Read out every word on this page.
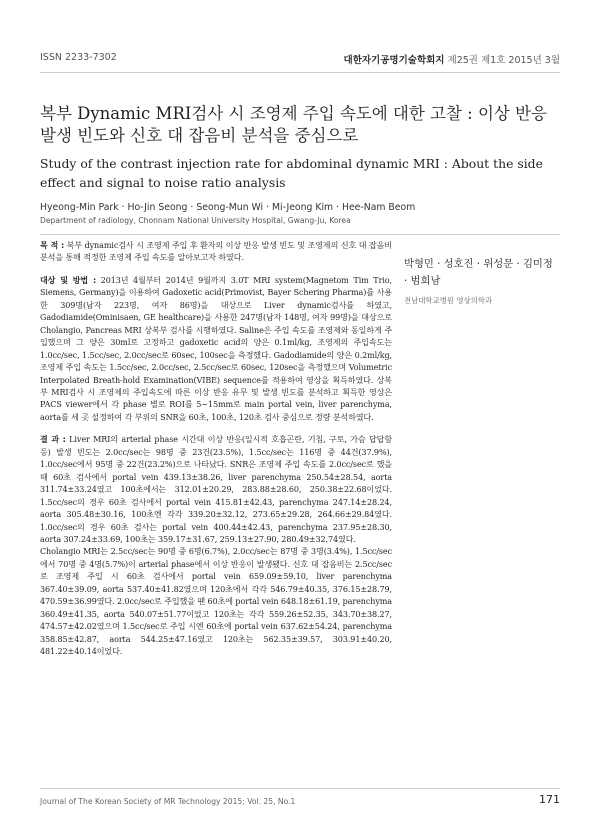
ISSN 2233-7302	대한자기공명기술학회지 제25권 제1호 2015년 3월
복부 Dynamic MRI검사 시 조영제 주입 속도에 대한 고찰 : 이상 반응 발생 빈도와 신호 대 잡음비 분석을 중심으로
Study of the contrast injection rate for abdominal dynamic MRI : About the side effect and signal to noise ratio analysis
Hyeong-Min Park · Ho-Jin Seong · Seong-Mun Wi · Mi-Jeong Kim · Hee-Nam Beom
Department of radiology, Chonnam National University Hospital, Gwang-Ju, Korea

목 적 : 복부 dynamic검사 시 조영제 주입 후 환자의 이상 반응 발생 빈도 및 조영제의 신호 대 잡음비 분석을 통해 적정한 조영제 주입 속도를 알아보고자 하였다.

대상 및 방법 : 2013년 4월부터 2014년 9월까지 3.0T MRI system(Magnetom Tim Trio, Siemens, Germany)을 이용하여 Gadoxetic acid(Primovist, Bayer Schering Pharma)를 사용한 309명(남자 223명, 여자 86명)을 대상으로 Liver dynamic검사를 하였고, Gadodiamide(Ominisaen, GE healthcare)을 사용한 247명(남자 148명, 여자 99명)을 대상으로 Cholangio, Pancreas MRI 상복부 검사를 시행하였다. Saline은 주입 속도를 조영제와 동일하게 주입했으며 그 양은 30ml로 고정하고 gadoxetic acid의 양은 0.1ml/kg, 조영제의 주입속도는 1.0cc/sec, 1.5cc/sec, 2.0cc/sec로 60sec, 100sec을 측정했다. Gadodiamide의 양은 0.2ml/kg, 조영제 주입 속도는 1.5cc/sec, 2.0cc/sec, 2.5cc/sec로 60sec, 120sec을 측정했으며 Volumetric Interpolated Breath-hold Examination(VIBE) sequence를 적용하여 영상을 획득하였다. 상복부 MRI검사 시 조영제의 주입속도에 따른 이상 반응 유무 및 발생 빈도를 분석하고 획득한 영상은 PACS viewer에서 각 phase 별로 ROI를 5~15mm로 main portal vein, liver parenchyma, aorta를 세 곳 설정하여 각 부위의 SNR을 60초, 100초, 120초 검사 중심으로 정량 분석하였다.

결 과 : Liver MRI의 arterial phase 시간대 이상 반응(일시적 호흡곤란, 기침, 구토, 가슴 답답함 등) 발생 빈도는 2.0cc/sec는 98명 중 23건(23.5%), 1.5cc/sec는 116명 중 44건(37.9%), 1.0cc/sec에서 95명 중 22건(23.2%)으로 나타났다. SNR은 조영제 주입 속도를 2.0cc/sec로 했을 때 60초 검사에서 portal vein 439.13±38.26, liver parenchyma 250.54±28.54, aorta 311.74±33.24였고 100초에서는 312.01±20.29, 283.88±28.60, 250.38±22.68이었다. 1.5cc/sec의 경우 60초 검사에서 portal vein 415.81±42.43, parenchyma 247.14±28.24, aorta 305.48±30.16, 100초엔 각각 339.20±32.12, 273.65±29.28, 264.66±29.84였다. 1.0cc/sec의 경우 60초 검사는 portal vein 400.44±42.43, parenchyma 237.95±28.30, aorta 307.24±33.69, 100초는 359.17±31.67, 259.13±27.90, 280.49±32.74였다.

Cholangio MRI는 2.5cc/sec는 90명 중 6명(6.7%), 2.0cc/sec는 87명 중 3명(3.4%), 1.5cc/sec에서 70명 중 4명(5.7%)이 arterial phase에서 이상 반응이 발생됐다. 신호 대 잡음비는 2.5cc/sec로 조영제 주입 시 60초 검사에서 portal vein 659.09±59.10, liver parenchyma 367.40±39.09, aorta 537.40±41.82였으며 120초에서 각각 546.79±40.35, 376.15±28.79, 470.59±36.99였다. 2.0cc/sec로 주입했을 땐 60초에 portal vein 648.18±61.19, parenchyma 360.49±41.35, aorta 540.07±51.77이었고 120초는 각각 559.26±52.35, 343.70±38.27, 474.57±42.02였으며 1.5cc/sec로 주입 시엔 60초에 portal vein 637.62±54.24, parenchyma 358.85±42.87, aorta 544.25±47.16였고 120초는 562.35±39.57, 303.91±40.20, 481.22±40.14이었다.

박형민 · 성호진 · 위성문 · 김미정 · 범희남
전남대학교병원 영상의학과
Journal of The Korean Society of MR Technology 2015; Vol. 25, No.1	171
